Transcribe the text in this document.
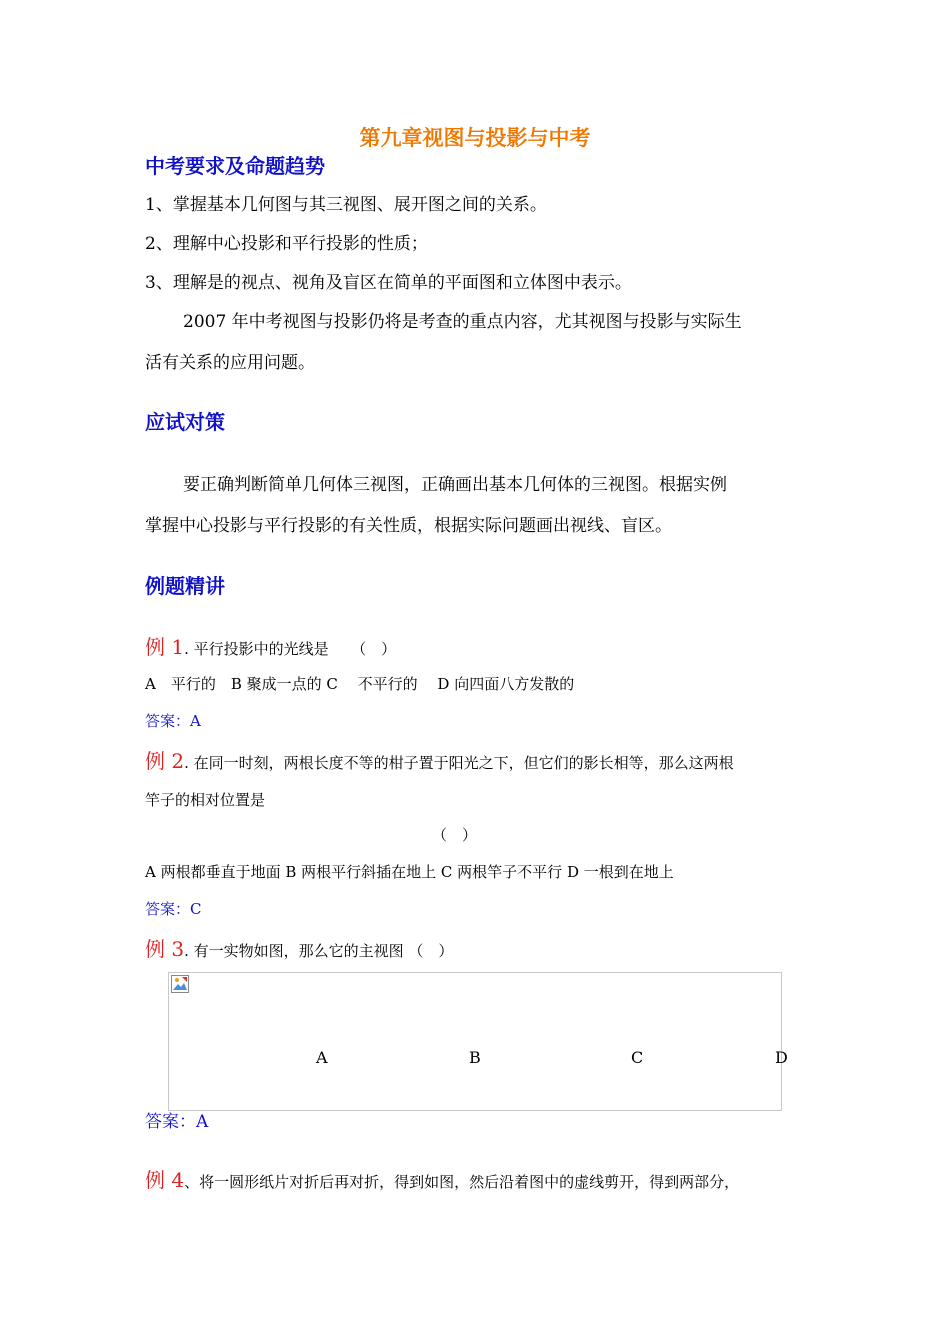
第九章视图与投影与中考
中考要求及命题趋势
1、掌握基本几何图与其三视图、展开图之间的关系。
2、理解中心投影和平行投影的性质；
3、理解是的视点、视角及盲区在简单的平面图和立体图中表示。
2007 年中考视图与投影仍将是考查的重点内容，尤其视图与投影与实际生
活有关系的应用问题。
应试对策
要正确判断简单几何体三视图，正确画出基本几何体的三视图。根据实例
掌握中心投影与平行投影的有关性质，根据实际问题画出视线、盲区。
例题精讲
例 1. 平行投影中的光线是　　（　）
A　平行的　B 聚成一点的 C　 不平行的　 D 向四面八方发散的
答案：A
例 2. 在同一时刻，两根长度不等的柑子置于阳光之下，但它们的影长相等，那么这两根
竿子的相对位置是
（　）
A 两根都垂直于地面 B 两根平行斜插在地上 C 两根竿子不平行 D 一根到在地上
答案：C
例 3. 有一实物如图，那么它的主视图 （　）
A	B	C	D
答案：A
例 4、将一圆形纸片对折后再对折，得到如图，然后沿着图中的虚线剪开，得到两部分，
